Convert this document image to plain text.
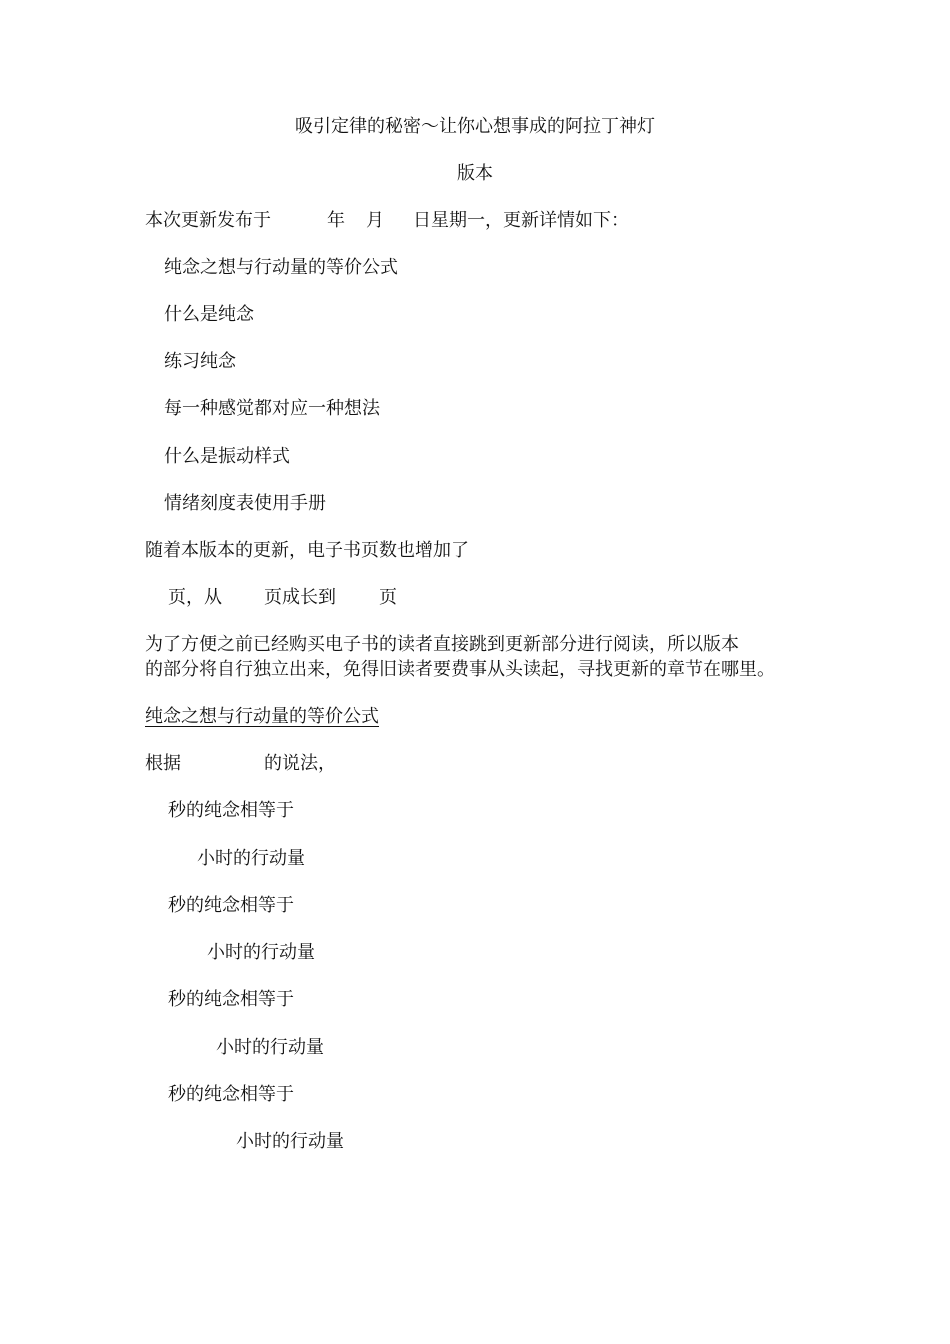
吸引定律的秘密～让你心想事成的阿拉丁神灯
版本
本次更新发布于	年 月 日星期一，更新详情如下：
纯念之想与行动量的等价公式
什么是纯念
练习纯念
每一种感觉都对应一种想法
什么是振动样式
情绪刻度表使用手册
随着本版本的更新，电子书页数也增加了
页，从 页成长到 页
为了方便之前已经购买电子书的读者直接跳到更新部分进行阅读，所以版本
的部分将自行独立出来，免得旧读者要费事从头读起，寻找更新的章节在哪里。
纯念之想与行动量的等价公式
根据	的说法，
秒的纯念相等于
小时的行动量
秒的纯念相等于
小时的行动量
秒的纯念相等于
小时的行动量
秒的纯念相等于
小时的行动量
